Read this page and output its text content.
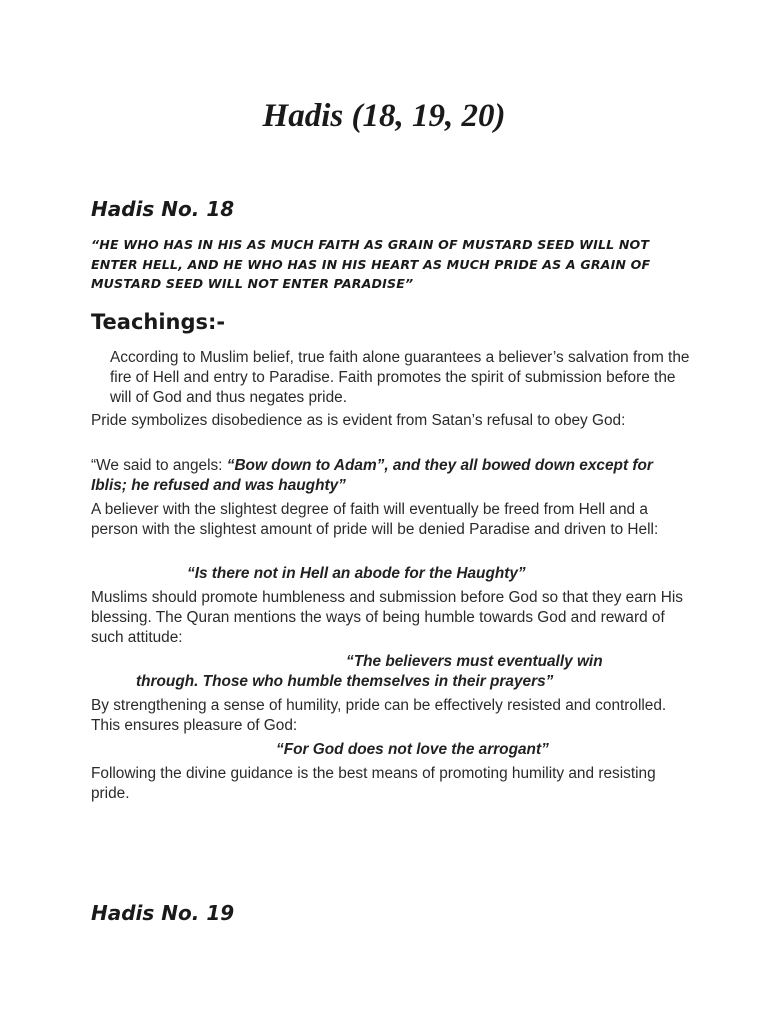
Hadis (18, 19, 20)
Hadis No. 18

“HE WHO HAS IN HIS AS MUCH FAITH AS GRAIN OF MUSTARD SEED WILL NOT ENTER HELL, AND HE WHO HAS IN HIS HEART AS MUCH PRIDE AS A GRAIN OF MUSTARD SEED WILL NOT ENTER PARADISE”

Teachings:-

According to Muslim belief, true faith alone guarantees a believer’s salvation from the fire of Hell and entry to Paradise. Faith promotes the spirit of submission before the will of God and thus negates pride.

Pride symbolizes disobedience as is evident from Satan’s refusal to obey God:

“We said to angels: “Bow down to Adam”, and they all bowed down except for Iblis; he refused and was haughty”

A believer with the slightest degree of faith will eventually be freed from Hell and a person with the slightest amount of pride will be denied Paradise and driven to Hell:

“Is there not in Hell an abode for the Haughty”

Muslims should promote humbleness and submission before God so that they earn His blessing. The Quran mentions the ways of being humble towards God and reward of such attitude:

“The believers must eventually win
through. Those who humble themselves in their prayers”

By strengthening a sense of humility, pride can be effectively resisted and controlled. This ensures pleasure of God:

“For God does not love the arrogant”

Following the divine guidance is the best means of promoting humility and resisting pride.

Hadis No. 19
